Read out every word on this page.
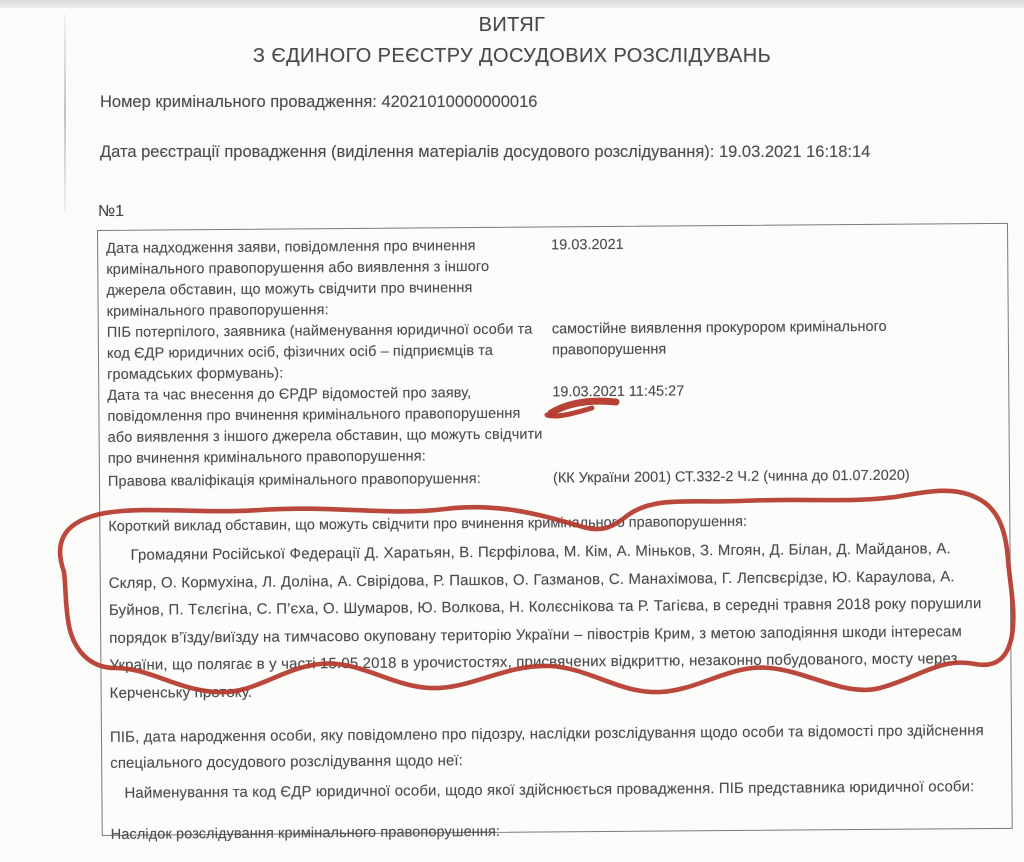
ВИТЯГ
З ЄДИНОГО РЕЄСТРУ ДОСУДОВИХ РОЗСЛІДУВАНЬ
Номер кримінального провадження: 42021010000000016
Дата реєстрації провадження (виділення матеріалів досудового розслідування): 19.03.2021 16:18:14
№1
Дата надходження заяви, повідомлення про вчинення кримінального правопорушення або виявлення з іншого джерела обставин, що можуть свідчити про вчинення кримінального правопорушення:
19.03.2021
ПІБ потерпілого, заявника (найменування юридичної особи та код ЄДР юридичних осіб, фізичних осіб – підприємців та громадських формувань):
самостійне виявлення прокурором кримінального правопорушення
Дата та час внесення до ЄРДР відомостей про заяву, повідомлення про вчинення кримінального правопорушення або виявлення з іншого джерела обставин, що можуть свідчити про вчинення кримінального правопорушення:
19.03.2021 11:45:27
Правова кваліфікація кримінального правопорушення:	(КК України 2001) СТ.332-2 Ч.2 (чинна до 01.07.2020)
Короткий виклад обставин, що можуть свідчити про вчинення кримінального правопорушення:
Громадяни Російської Федерації Д. Харатьян, В. Пєрфілова, М. Кім, А. Міньков, З. Мгоян, Д. Білан, Д. Майданов, А. Скляр, О. Кормухіна, Л. Доліна, А. Свірідова, Р. Пашков, О. Газманов, С. Манахімова, Г. Лепсвєрідзе, Ю. Караулова, А. Буйнов, П. Тєлєгіна, С. П’єха, О. Шумаров, Ю. Волкова, Н. Колєснікова та Р. Тагієва, в середні травня 2018 року порушили порядок в’їзду/виїзду на тимчасово окуповану територію України – півострів Крим, з метою заподіяння шкоди інтересам України, що полягає в у часті 15.05.2018 в урочистостях, присвячених відкриттю, незаконно побудованого, мосту через Керченську протоку.
ПІБ, дата народження особи, яку повідомлено про підозру, наслідки розслідування щодо особи та відомості про здійснення спеціального досудового розслідування щодо неї:
Найменування та код ЄДР юридичної особи, щодо якої здійснюється провадження. ПІБ представника юридичної особи:
Наслідок розслідування кримінального правопорушення:
